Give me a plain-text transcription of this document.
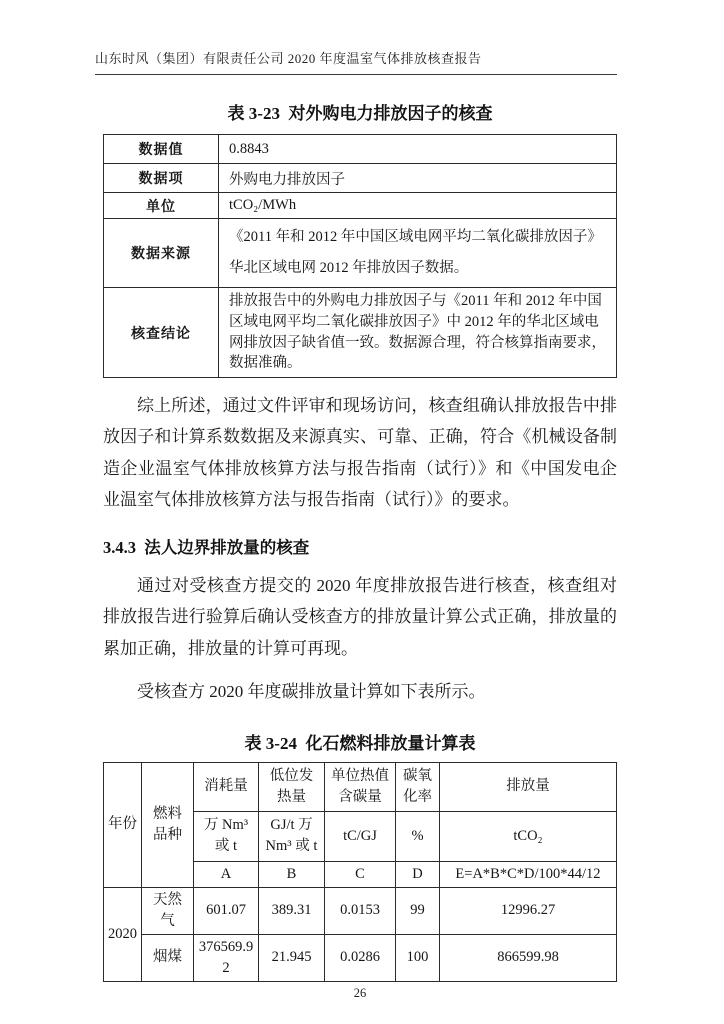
山东时风（集团）有限责任公司 2020 年度温室气体排放核查报告
表 3-23  对外购电力排放因子的核查
数据值	0.8843
数据项	外购电力排放因子
单位	tCO₂/MWh
数据来源	《2011 年和 2012 年中国区域电网平均二氧化碳排放因子》华北区域电网 2012 年排放因子数据。
核查结论	排放报告中的外购电力排放因子与《2011 年和 2012 年中国区域电网平均二氧化碳排放因子》中 2012 年的华北区域电网排放因子缺省值一致。数据源合理，符合核算指南要求，数据准确。

综上所述，通过文件评审和现场访问，核查组确认排放报告中排放因子和计算系数数据及来源真实、可靠、正确，符合《机械设备制造企业温室气体排放核算方法与报告指南（试行）》和《中国发电企业温室气体排放核算方法与报告指南（试行）》的要求。

3.4.3  法人边界排放量的核查

通过对受核查方提交的 2020 年度排放报告进行核查，核查组对排放报告进行验算后确认受核查方的排放量计算公式正确，排放量的累加正确，排放量的计算可再现。

受核查方 2020 年度碳排放量计算如下表所示。

表 3-24  化石燃料排放量计算表
年份	燃料品种	消耗量	低位发热量	单位热值含碳量	碳氧化率	排放量
		万 Nm³ 或 t	GJ/t 万 Nm³ 或 t	tC/GJ	%	tCO₂
		A	B	C	D	E=A*B*C*D/100*44/12
2020	天然气	601.07	389.31	0.0153	99	12996.27
	烟煤	376569.92	21.945	0.0286	100	866599.98
26
